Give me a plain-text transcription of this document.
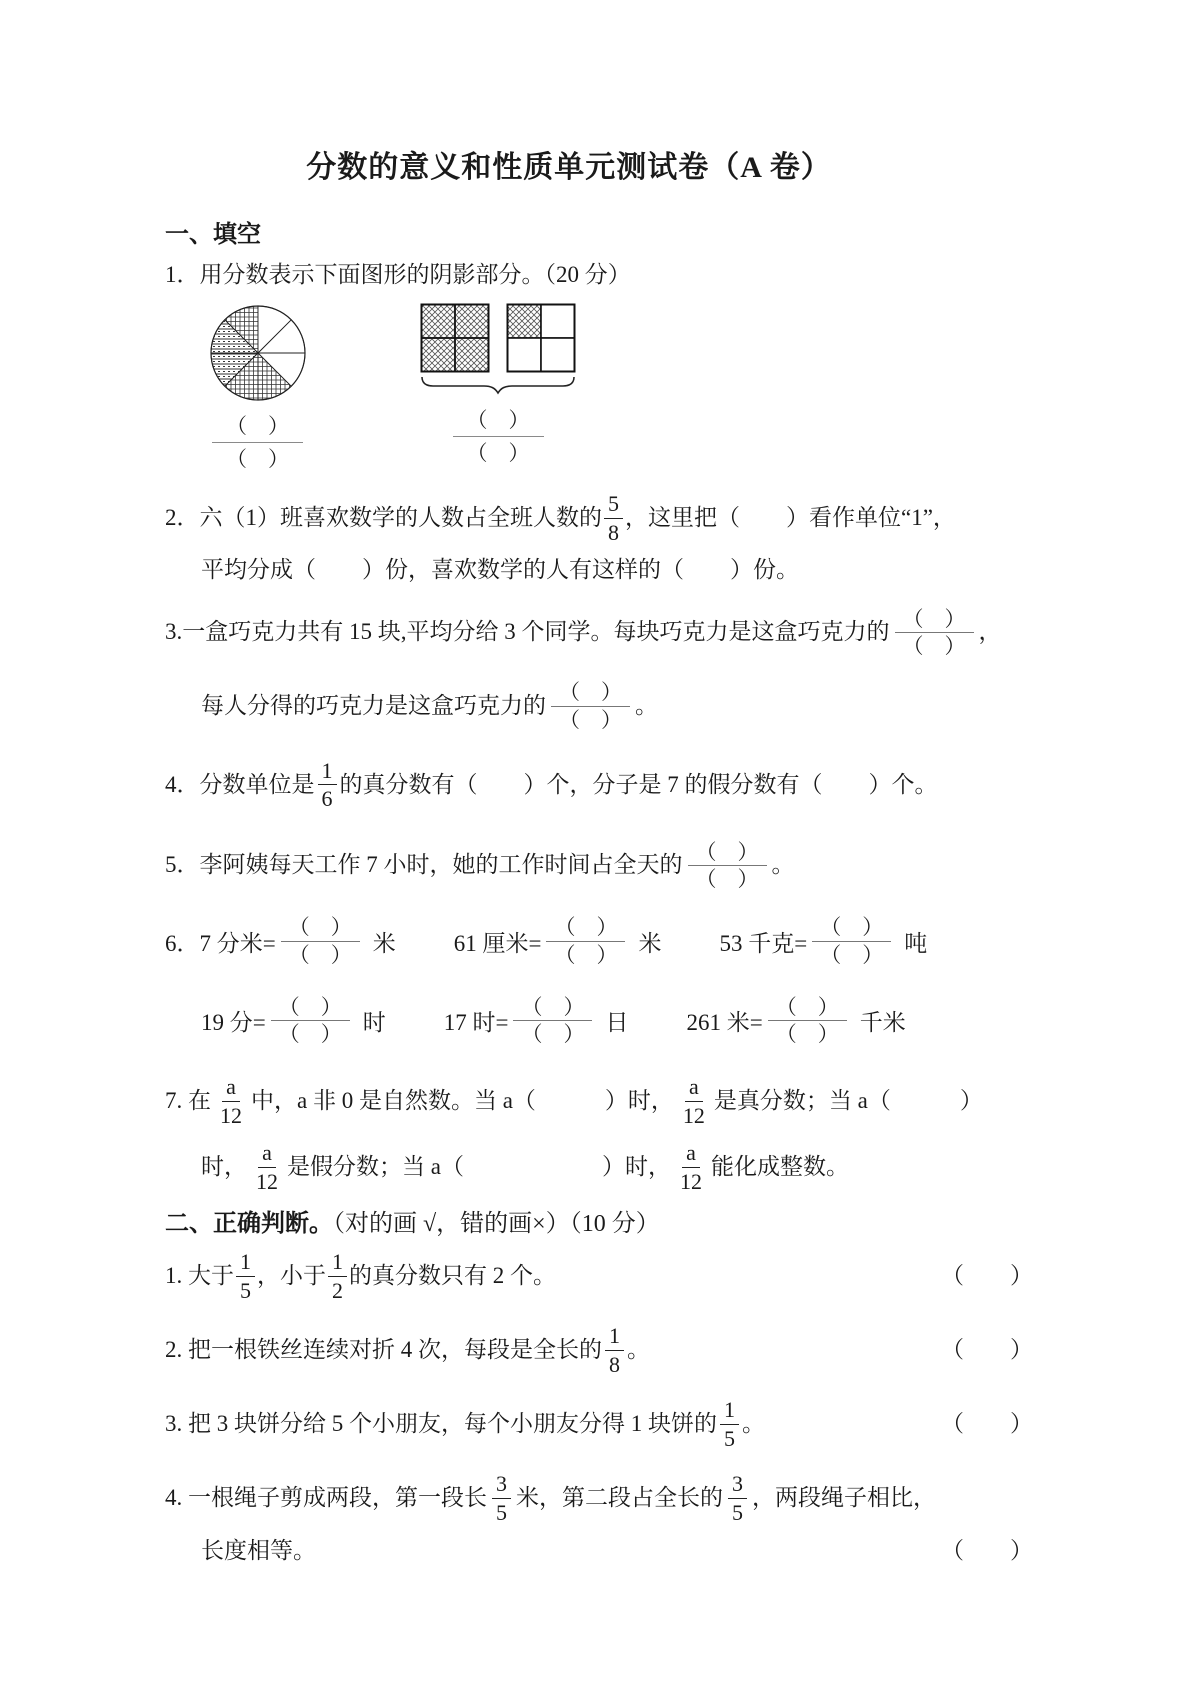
分数的意义和性质单元测试卷（A 卷）
一、填空
1．用分数表示下面图形的阴影部分。（20 分）
$\frac{( )}{( )}$	$\frac{( )}{( )}$
2．六（1）班喜欢数学的人数占全班人数的 $\frac{5}{8}$ ，这里把（　　）看作单位“1”，
平均分成（　　）份，喜欢数学的人有这样的（　　）份。
3.一盒巧克力共有 15 块,平均分给 3 个同学。每块巧克力是这盒巧克力的 $\frac{( )}{( )}$ ，
每人分得的巧克力是这盒巧克力的 $\frac{( )}{( )}$ 。
4．分数单位是 $\frac{1}{6}$ 的真分数有（　　）个，分子是 7 的假分数有（　　）个。
5．李阿姨每天工作 7 小时，她的工作时间占全天的 $\frac{( )}{( )}$ 。
6．7 分米= $\frac{( )}{( )}$ 米	61 厘米= $\frac{( )}{( )}$ 米	53 千克= $\frac{( )}{( )}$ 吨
19 分= $\frac{( )}{( )}$ 时	17 时= $\frac{( )}{( )}$ 日	261 米= $\frac{( )}{( )}$ 千米
7. 在 $\frac{a}{12}$ 中，a 非 0 是自然数。当 a（　　　）时， $\frac{a}{12}$ 是真分数；当 a（　　　）
时， $\frac{a}{12}$ 是假分数；当 a（　　　　　　）时， $\frac{a}{12}$ 能化成整数。
二、正确判断。（对的画 √，错的画×）（10 分）
1. 大于 $\frac{1}{5}$ ，小于 $\frac{1}{2}$ 的真分数只有 2 个。	（　　）
2. 把一根铁丝连续对折 4 次，每段是全长的 $\frac{1}{8}$ 。	（　　）
3. 把 3 块饼分给 5 个小朋友，每个小朋友分得 1 块饼的 $\frac{1}{5}$ 。	（　　）
4. 一根绳子剪成两段，第一段长 $\frac{3}{5}$ 米，第二段占全长的 $\frac{3}{5}$ ，两段绳子相比，
长度相等。	（　　）
